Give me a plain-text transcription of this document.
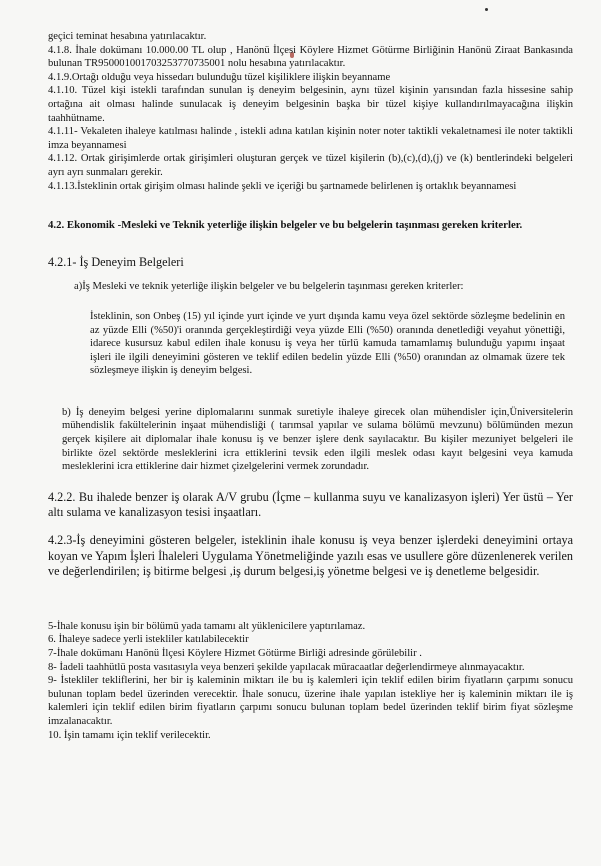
geçici teminat hesabına yatırılacaktır.

4.1.8. İhale dokümanı 10.000.00 TL olup , Hanönü İlçesi Köylere Hizmet Götürme Birliğinin Hanönü Ziraat Bankasında bulunan TR950001001703253770735001 nolu hesabına yatırılacaktır.

4.1.9.Ortağı olduğu veya hissedarı bulunduğu tüzel kişiliklere ilişkin beyanname

4.1.10. Tüzel kişi istekli tarafından sunulan iş deneyim belgesinin, aynı tüzel kişinin yarısından fazla hissesine sahip ortağına ait olması halinde sunulacak iş deneyim belgesinin başka bir tüzel kişiye kullandırılmayacağına ilişkin taahhütname.

4.1.11- Vekaleten ihaleye katılması halinde , istekli adına katılan kişinin noter noter taktikli vekaletnamesi ile noter taktikli imza beyannamesi

4.1.12. Ortak girişimlerde ortak girişimleri oluşturan gerçek ve tüzel kişilerin (b),(c),(d),(j) ve (k) bentlerindeki belgeleri ayrı ayrı sunmaları gerekir.

4.1.13.İsteklinin ortak girişim olması halinde şekli ve içeriği bu şartnamede belirlenen iş ortaklık beyannamesi

4.2. Ekonomik -Mesleki ve Teknik yeterliğe ilişkin belgeler ve bu belgelerin taşınması gereken kriterler.

4.2.1- İş Deneyim Belgeleri

a)İş Mesleki ve teknik yeterliğe ilişkin belgeler ve bu belgelerin taşınması gereken kriterler:

İsteklinin, son Onbeş (15) yıl içinde yurt içinde ve yurt dışında kamu veya özel sektörde sözleşme bedelinin en az yüzde Elli (%50)'i oranında gerçekleştirdiği veya yüzde Elli (%50) oranında denetlediği veyahut yönettiği, idarece kusursuz kabul edilen ihale konusu iş veya her türlü kamuda tamamlamış bulunduğu yapımı inşaat işleri ile ilgili deneyimini gösteren ve teklif edilen bedelin yüzde Elli (%50) oranından az olmamak üzere tek sözleşmeye ilişkin iş deneyim belgesi.

b) İş deneyim belgesi yerine diplomalarını sunmak suretiyle ihaleye girecek olan mühendisler için,Üniversitelerin mühendislik fakültelerinin inşaat mühendisliği ( tarımsal yapılar ve sulama bölümü mevzunu) bölümünden mezun gerçek kişilere ait diplomalar ihale konusu iş ve benzer işlere denk sayılacaktır. Bu kişiler mezuniyet belgeleri ile birlikte özel sektörde mesleklerini icra ettiklerini tevsik eden ilgili meslek odası kayıt belgesini veya kamuda mesleklerini icra ettiklerine dair hizmet çizelgelerini vermek zorundadır.

4.2.2. Bu ihalede benzer iş olarak A/V grubu (İçme – kullanma suyu ve kanalizasyon işleri) Yer üstü – Yer altı sulama ve kanalizasyon tesisi inşaatları.

4.2.3-İş deneyimini gösteren belgeler, isteklinin ihale konusu iş veya benzer işlerdeki deneyimini ortaya koyan ve Yapım İşleri İhaleleri Uygulama Yönetmeliğinde yazılı esas ve usullere göre düzenlenerek verilen ve değerlendirilen; iş bitirme belgesi ,iş durum belgesi,iş yönetme belgesi ve iş denetleme belgesidir.

5-İhale konusu işin bir bölümü yada tamamı alt yüklenicilere yaptırılamaz.

6. İhaleye sadece yerli istekliler katılabilecektir

7-İhale dokümanı Hanönü İlçesi Köylere Hizmet Götürme Birliği adresinde görülebilir .

8- İadeli taahhütlü posta vasıtasıyla veya benzeri şekilde yapılacak müracaatlar değerlendirmeye alınmayacaktır.

9- İstekliler tekliflerini, her bir iş kaleminin miktarı ile bu iş kalemleri için teklif edilen birim fiyatların çarpımı sonucu bulunan toplam bedel üzerinden verecektir. İhale sonucu, üzerine ihale yapılan istekliye her iş kaleminin miktarı ile iş kalemleri için teklif edilen birim fiyatların çarpımı sonucu bulunan toplam bedel üzerinden teklif birim fiyat sözleşme imzalanacaktır.

10. İşin tamamı için teklif verilecektir.
